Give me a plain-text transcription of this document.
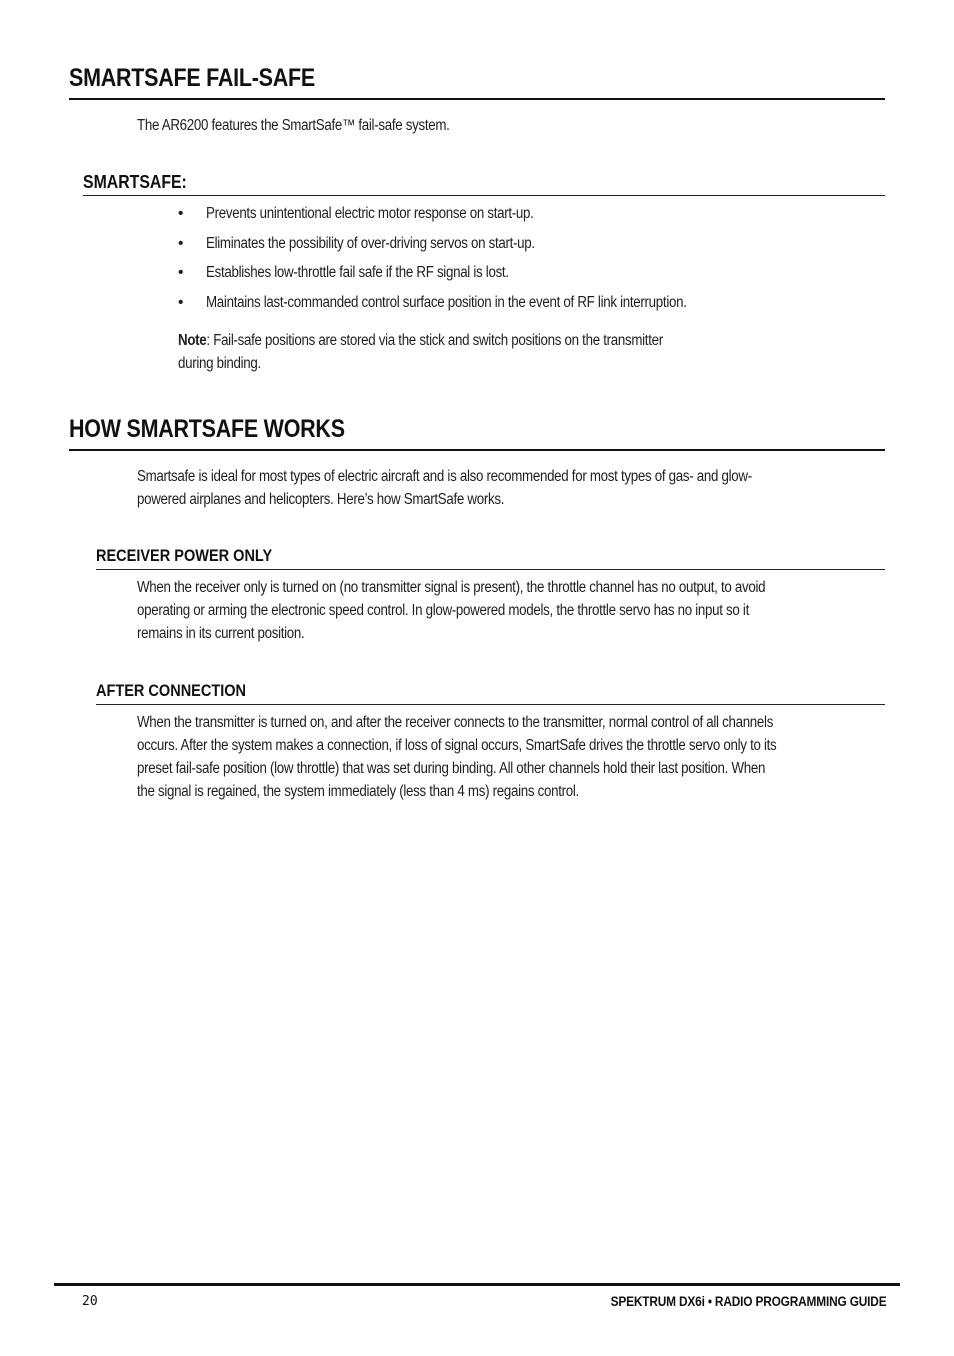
SMARTSAFE FAIL-SAFE
The AR6200 features the SmartSafe™ fail-safe system.
SMARTSAFE:
• Prevents unintentional electric motor response on start-up.
• Eliminates the possibility of over-driving servos on start-up.
• Establishes low-throttle fail safe if the RF signal is lost.
• Maintains last-commanded control surface position in the event of RF link interruption.
Note: Fail-safe positions are stored via the stick and switch positions on the transmitter
during binding.
HOW SMARTSAFE WORKS
Smartsafe is ideal for most types of electric aircraft and is also recommended for most types of gas- and glow-
powered airplanes and helicopters. Here’s how SmartSafe works.
RECEIVER POWER ONLY
When the receiver only is turned on (no transmitter signal is present), the throttle channel has no output, to avoid
operating or arming the electronic speed control. In glow-powered models, the throttle servo has no input so it
remains in its current position.
AFTER CONNECTION
When the transmitter is turned on, and after the receiver connects to the transmitter, normal control of all channels
occurs. After the system makes a connection, if loss of signal occurs, SmartSafe drives the throttle servo only to its
preset fail-safe position (low throttle) that was set during binding. All other channels hold their last position. When
the signal is regained, the system immediately (less than 4 ms) regains control.
20	SPEKTRUM DX6i • RADIO PROGRAMMING GUIDE
